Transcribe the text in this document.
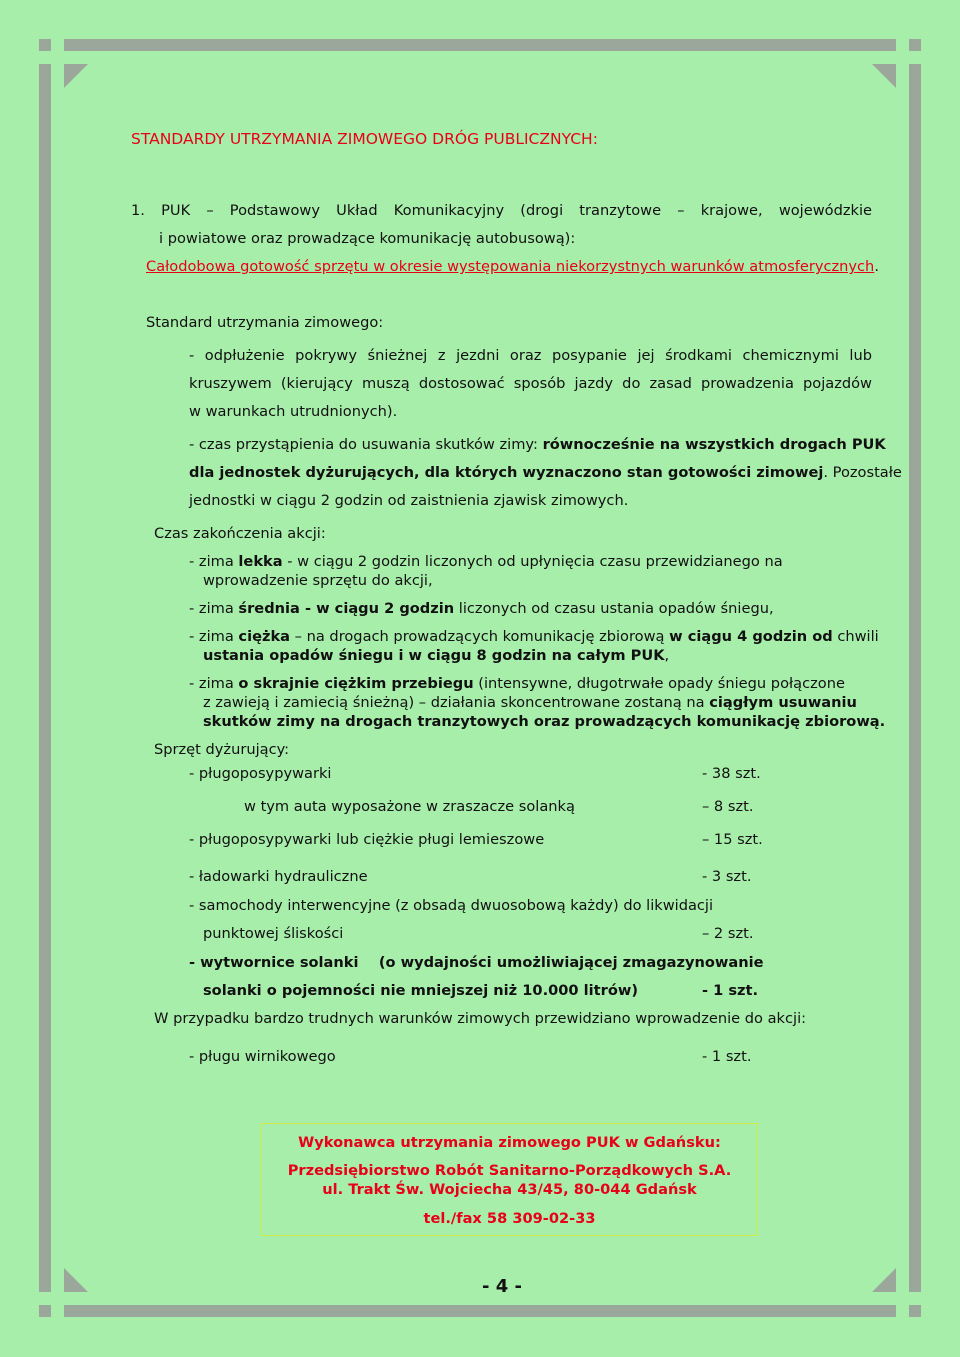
STANDARDY UTRZYMANIA ZIMOWEGO DRÓG PUBLICZNYCH:
1. PUK – Podstawowy Układ Komunikacyjny (drogi tranzytowe – krajowe, wojewódzkie
i powiatowe oraz prowadzące komunikację autobusową):
Całodobowa gotowość sprzętu w okresie występowania niekorzystnych warunków atmosferycznych.
Standard utrzymania zimowego:
- odpłużenie pokrywy śnieżnej z jezdni oraz posypanie jej środkami chemicznymi lub
kruszywem (kierujący muszą dostosować sposób jazdy do zasad prowadzenia pojazdów
w warunkach utrudnionych).
- czas przystąpienia do usuwania skutków zimy: równocześnie na wszystkich drogach PUK
dla jednostek dyżurujących, dla których wyznaczono stan gotowości zimowej. Pozostałe
jednostki w ciągu 2 godzin od zaistnienia zjawisk zimowych.
Czas zakończenia akcji:
- zima lekka - w ciągu 2 godzin liczonych od upłynięcia czasu przewidzianego na
wprowadzenie sprzętu do akcji,
- zima średnia - w ciągu 2 godzin liczonych od czasu ustania opadów śniegu,
- zima ciężka – na drogach prowadzących komunikację zbiorową w ciągu 4 godzin od chwili
ustania opadów śniegu i w ciągu 8 godzin na całym PUK,
- zima o skrajnie ciężkim przebiegu (intensywne, długotrwałe opady śniegu połączone
z zawieją i zamiecią śnieżną) – działania skoncentrowane zostaną na ciągłym usuwaniu
skutków zimy na drogach tranzytowych oraz prowadzących komunikację zbiorową.
Sprzęt dyżurujący:
- pługoposypywarki	- 38 szt.
w tym auta wyposażone w zraszacze solanką	– 8 szt.
- pługoposypywarki lub ciężkie pługi lemieszowe	– 15 szt.
- ładowarki hydrauliczne	- 3 szt.
- samochody interwencyjne (z obsadą dwuosobową każdy) do likwidacji
punktowej śliskości	– 2 szt.
- wytwornice solanki    (o wydajności umożliwiającej zmagazynowanie
solanki o pojemności nie mniejszej niż 10.000 litrów)	- 1 szt.
W przypadku bardzo trudnych warunków zimowych przewidziano wprowadzenie do akcji:
- pługu wirnikowego	- 1 szt.
Wykonawca utrzymania zimowego PUK w Gdańsku:
Przedsiębiorstwo Robót Sanitarno-Porządkowych S.A.
ul. Trakt Św. Wojciecha 43/45, 80-044 Gdańsk
tel./fax 58 309-02-33
- 4 -
